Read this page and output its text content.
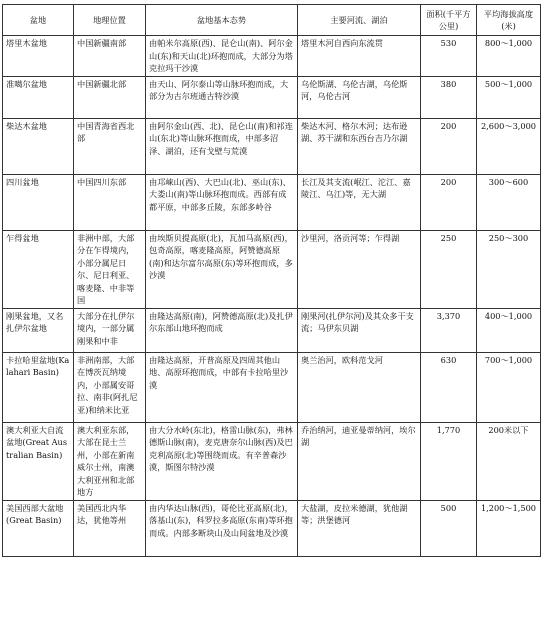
盆地	地理位置	盆地基本态势	主要河流、湖泊	面积(千平方公里)	平均海拔高度(米)
塔里木盆地	中国新疆南部	由帕米尔高原(西)、昆仑山(南)、阿尔金山(东)和天山(北)环抱而成，大部分为塔克拉玛干沙漠	塔里木河自西向东流贯	530	800～1,000
准噶尔盆地	中国新疆北部	由天山、阿尔泰山等山脉环抱而成，大部分为古尔班通古特沙漠	乌伦斯湖、乌伦古湖，乌伦斯河，乌伦古河	380	500～1,000
柴达木盆地	中国青海省西北部	由阿尔金山(西、北)、昆仑山(南)和祁连山(东北)等山脉环抱而成，中部多沼泽、湖泊，还有戈壁与荒漠	柴达木河、格尔木河；达布逊湖、苏干湖和东西台吉乃尔湖	200	2,600～3,000
四川盆地	中国四川东部	由邛崃山(西)、大巴山(北)、巫山(东)、大娄山(南)等山脉环抱而成。西部有成都平原，中部多丘陵，东部多岭谷	长江及其支流(岷江、沱江、嘉陵江、乌江)等，无大湖	200	300～600
乍得盆地	非洲中部，大部分在乍得境内，小部分属尼日尔、尼日利亚、喀麦隆、中非等国	由埃斯贝提高原(北)，瓦加马高原(西)，包奇高原，喀麦隆高原，阿赞德高原(南)和达尔富尔高原(东)等环抱而成，多沙漠	沙里河，洛贡河等；乍得湖	250	250～300
刚果盆地，又名扎伊尔盆地	大部分在扎伊尔境内，一部分属刚果和中非	由隆达高原(南)，阿赞德高原(北)及扎伊尔东部山地环抱而成	刚果河(扎伊尔河)及其众多干支流；马伊东贝湖	3,370	400～1,000
卡拉哈里盆地(Kalahari Basin)	非洲南部，大部在博茨瓦纳境内，小部属安哥拉、南非(阿扎尼亚)和纳米比亚	由隆达高原，开普高原及四周其他山地、高原环抱而成，中部有卡拉哈里沙漠	奥兰治河，欧科范戈河	630	700～1,000
澳大利亚大自流盆地(Great Australian Basin)	澳大利亚东部，大部在昆士兰州，小部在新南威尔士州，南澳大利亚州和北部地方	由大分水岭(东北)，格雷山脉(东)，弗林德斯山脉(南)，麦克唐奈尔山脉(西)及巴克利高原(北)等围绕而成。有辛普森沙漠，斯图尔特沙漠	乔治纳河，迪亚曼蒂纳河，埃尔湖	1,770	200米以下
美国西部大盆地(Great Basin)	美国西北内华达，犹他等州	由内华达山脉(西)，哥伦比亚高原(北)，落基山(东)，科罗拉多高原(东南)等环抱而成。内部多断块山及山间盆地及沙漠	大盐湖，皮拉米德湖，犹他湖等；洪堡德河	500	1,200～1,500
